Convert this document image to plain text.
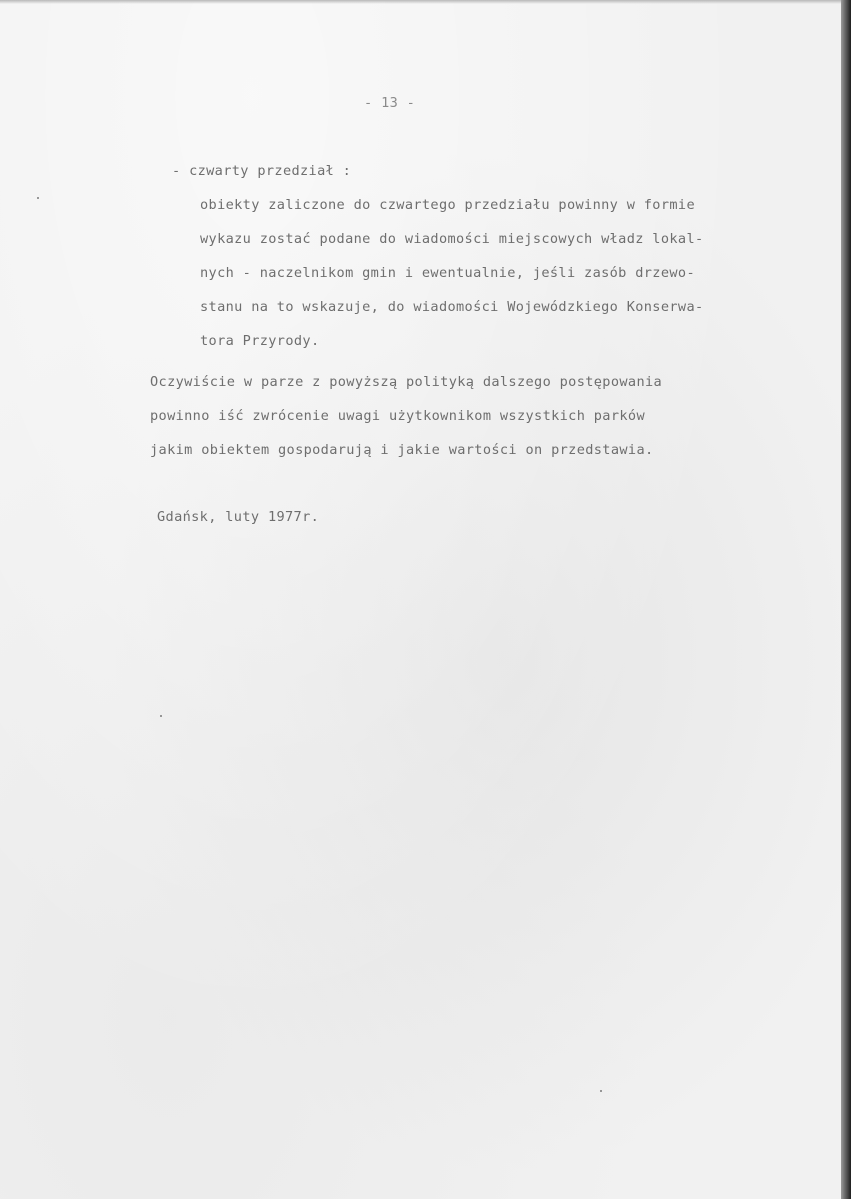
- 13 -
- czwarty przedział :
obiekty zaliczone do czwartego przedziału powinny w formie
wykazu zostać podane do wiadomości miejscowych władz lokal-
nych - naczelnikom gmin i ewentualnie, jeśli zasób drzewo-
stanu na to wskazuje, do wiadomości Wojewódzkiego Konserwa-
tora Przyrody.
Oczywiście w parze z powyższą polityką dalszego postępowania
powinno iść zwrócenie uwagi użytkownikom wszystkich parków
jakim obiektem gospodarują i jakie wartości on przedstawia.
Gdańsk, luty 1977r.
